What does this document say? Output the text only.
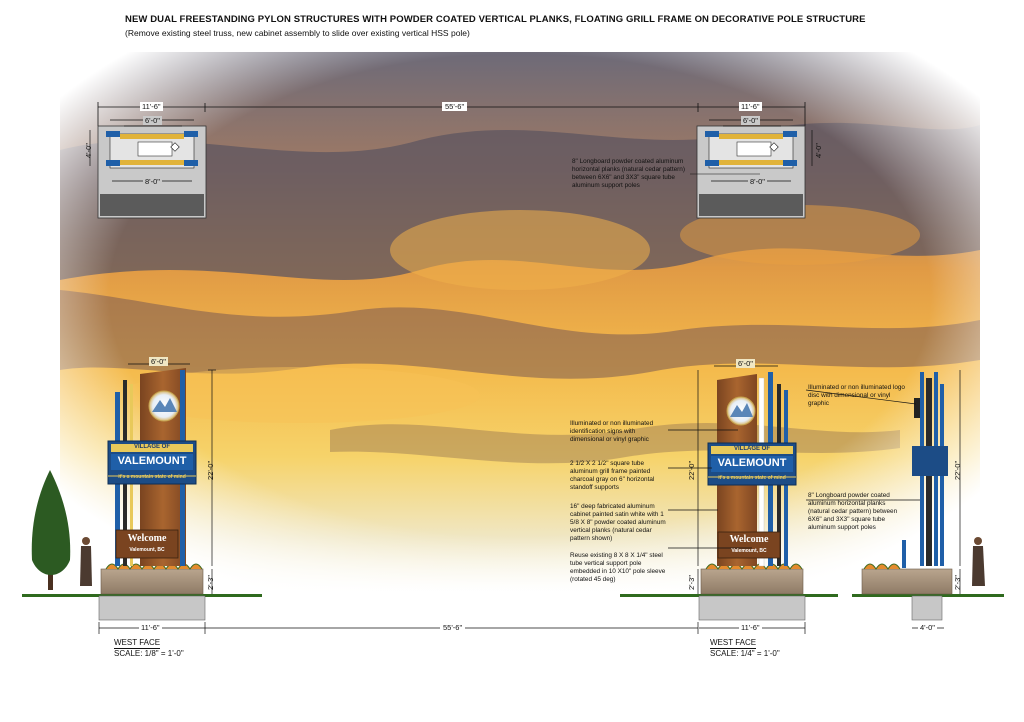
NEW DUAL FREESTANDING PYLON STRUCTURES WITH POWDER COATED VERTICAL PLANKS, FLOATING GRILL FRAME ON DECORATIVE POLE STRUCTURE
(Remove existing steel truss, new cabinet assembly to slide over existing vertical HSS pole)
55'-6"
11'-6"
6'-0"
8'-0"
4'-0"
11'-6"
6'-0"
8'-0"
4'-0"
8" Longboard powder coated aluminum horizontal planks (natural cedar pattern) between 6X6" and 3X3" square tube aluminum support poles
Illuminated or non illuminated identification signs with dimensional or vinyl graphic
2 1/2 X 2 1/2" square tube aluminum grill frame painted charcoal gray on 6" horizontal standoff supports
16" deep fabricated aluminum cabinet painted satin white with 1 5/8 X 8" powder coated aluminum vertical planks (natural cedar pattern shown)
Reuse existing 8 X 8 X 1/4" steel tube vertical support pole embedded in 10 X10" pole sleeve (rotated 45 deg)
Illuminated or non illuminated logo disc with dimensional or vinyl graphic
8" Longboard powder coated aluminum horizontal planks (natural cedar pattern) between 6X6" and 3X3" square tube aluminum support poles
VILLAGE OF
VALEMOUNT
it's a mountain state of mind
Welcome
Valemount, BC
VILLAGE OF
VALEMOUNT
it's a mountain state of mind
Welcome
Valemount, BC
6'-0"	6'-0"
22'-0"
2'-3"
22'-0"
2'-3"
22'-0"
2'-3"
11'-6"	55'-6"	11'-6"	4'-0"
WEST FACE
SCALE: 1/8" = 1'-0"
WEST FACE
SCALE: 1/4" = 1'-0"
